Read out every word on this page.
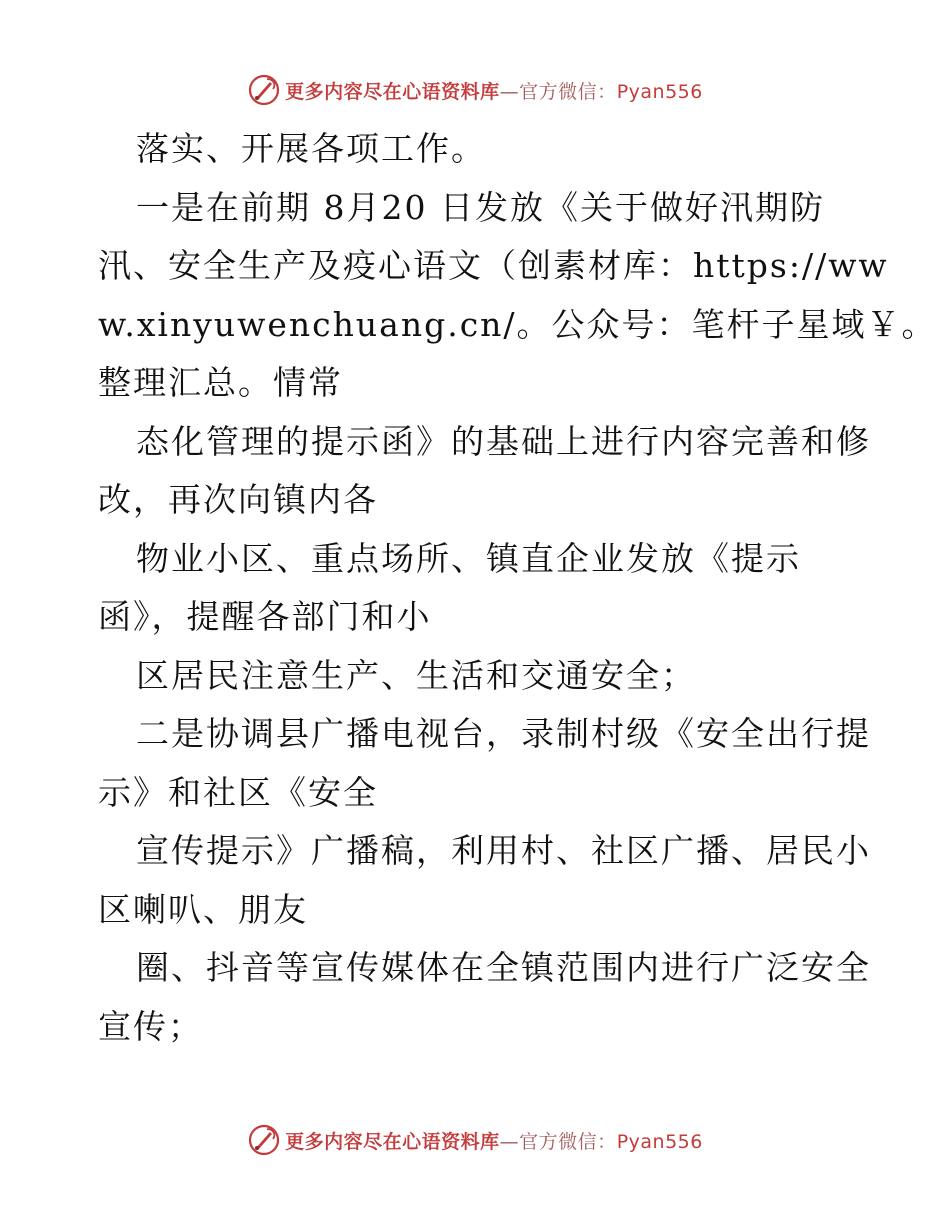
更多内容尽在心语资料库—官方微信：Pyan556
落实、开展各项工作。
一是在前期 8月20 日发放《关于做好汛期防
汛、安全生产及疫心语文（创素材库：https://ww
w.xinyuwenchuang.cn/。公众号：笔杆子星域￥。
整理汇总。情常
态化管理的提示函》的基础上进行内容完善和修
改，再次向镇内各
物业小区、重点场所、镇直企业发放《提示
函》，提醒各部门和小
区居民注意生产、生活和交通安全；
二是协调县广播电视台，录制村级《安全出行提
示》和社区《安全
宣传提示》广播稿，利用村、社区广播、居民小
区喇叭、朋友
圈、抖音等宣传媒体在全镇范围内进行广泛安全
宣传；
更多内容尽在心语资料库—官方微信：Pyan556
